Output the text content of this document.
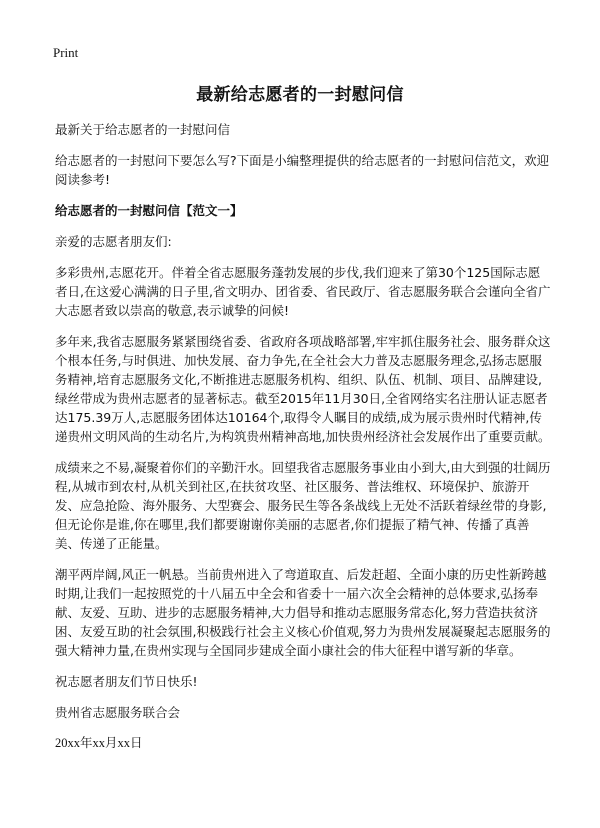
Print
最新给志愿者的一封慰问信

最新关于给志愿者的一封慰问信

给志愿者的一封慰问下要怎么写?下面是小编整理提供的给志愿者的一封慰问信范文，欢迎阅读参考!

给志愿者的一封慰问信【范文一】

亲爱的志愿者朋友们:

多彩贵州,志愿花开。伴着全省志愿服务蓬勃发展的步伐,我们迎来了第30个125国际志愿者日,在这爱心满满的日子里,省文明办、团省委、省民政厅、省志愿服务联合会谨向全省广大志愿者致以崇高的敬意,表示诚挚的问候!

多年来,我省志愿服务紧紧围绕省委、省政府各项战略部署,牢牢抓住服务社会、服务群众这个根本任务,与时俱进、加快发展、奋力争先,在全社会大力普及志愿服务理念,弘扬志愿服务精神,培育志愿服务文化,不断推进志愿服务机构、组织、队伍、机制、项目、品牌建设,绿丝带成为贵州志愿者的显著标志。截至2015年11月30日,全省网络实名注册认证志愿者达175.39万人,志愿服务团体达10164个,取得令人瞩目的成绩,成为展示贵州时代精神,传递贵州文明风尚的生动名片,为构筑贵州精神高地,加快贵州经济社会发展作出了重要贡献。

成绩来之不易,凝聚着你们的辛勤汗水。回望我省志愿服务事业由小到大,由大到强的壮阔历程,从城市到农村,从机关到社区,在扶贫攻坚、社区服务、普法维权、环境保护、旅游开发、应急抢险、海外服务、大型赛会、服务民生等各条战线上无处不活跃着绿丝带的身影,但无论你是谁,你在哪里,我们都要谢谢你美丽的志愿者,你们提振了精气神、传播了真善美、传递了正能量。

潮平两岸阔,风正一帆悬。当前贵州进入了弯道取直、后发赶超、全面小康的历史性新跨越时期,让我们一起按照党的十八届五中全会和省委十一届六次全会精神的总体要求,弘扬奉献、友爱、互助、进步的志愿服务精神,大力倡导和推动志愿服务常态化,努力营造扶贫济困、友爱互助的社会氛围,积极践行社会主义核心价值观,努力为贵州发展凝聚起志愿服务的强大精神力量,在贵州实现与全国同步建成全面小康社会的伟大征程中谱写新的华章。

祝志愿者朋友们节日快乐!

贵州省志愿服务联合会

20xx年xx月xx日
